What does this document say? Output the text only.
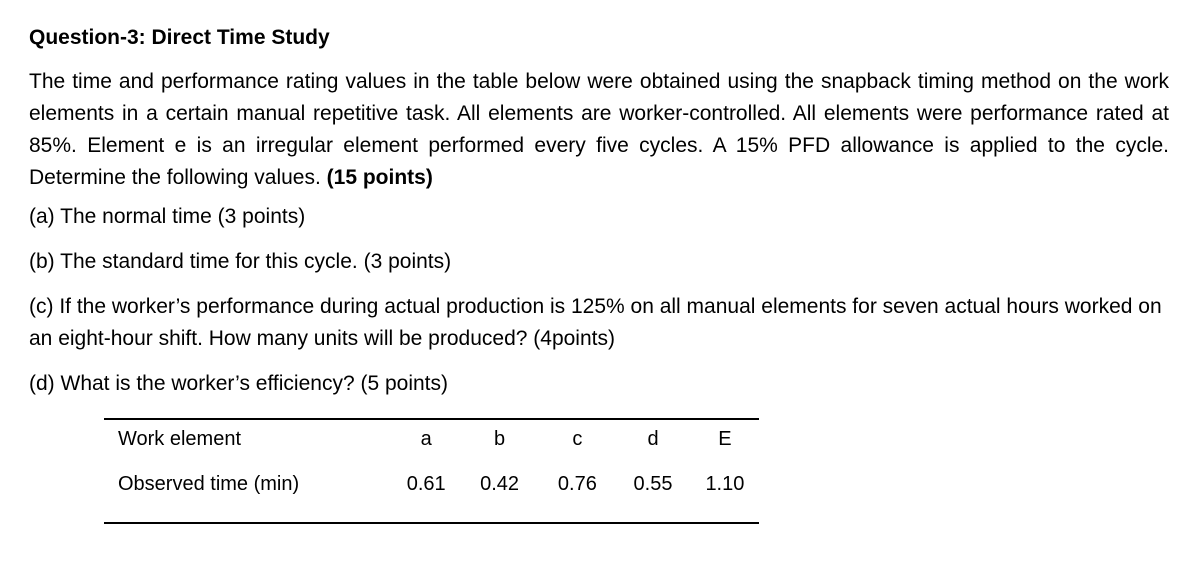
Question-3: Direct Time Study
The time and performance rating values in the table below were obtained using the snapback timing method on the work elements in a certain manual repetitive task. All elements are worker-controlled. All elements were performance rated at 85%. Element e is an irregular element performed every five cycles. A 15% PFD allowance is applied to the cycle. Determine the following values. (15 points)
(a) The normal time (3 points)
(b) The standard time for this cycle. (3 points)
(c) If the worker’s performance during actual production is 125% on all manual elements for seven actual hours worked on an eight-hour shift. How many units will be produced? (4points)
(d) What is the worker’s efficiency? (5 points)
Work element	a	b	c	d	E
Observed time (min)	0.61	0.42	0.76	0.55	1.10
